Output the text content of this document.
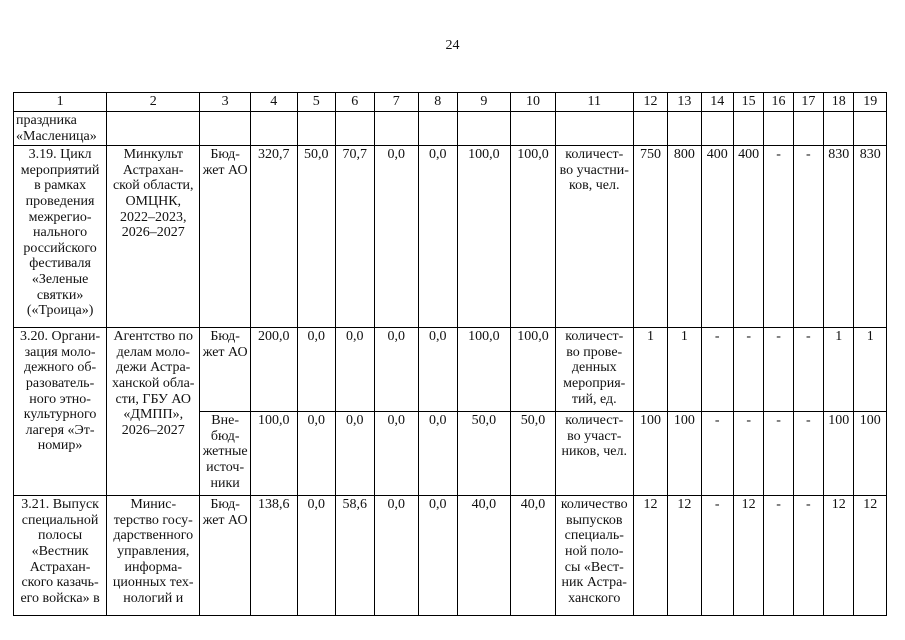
24
1	2	3	4	5	6	7	8	9	10	11	12	13	14	15	16	17	18	19
праздника «Масленица»																		
3.19. Цикл мероприятий в рамках проведения межрегио- нального российского фестиваля «Зеленые святки» («Троица»)	Минкульт Астрахан- ской области, ОМЦНК, 2022–2023, 2026–2027	Бюд- жет АО	320,7	50,0	70,7	0,0	0,0	100,0	100,0	количест- во участни- ков, чел.	750	800	400	400	-	-	830	830
3.20. Органи- зация моло- дежного об- разователь- ного этно- культурного лагеря «Эт- номир»	Агентство по делам моло- дежи Астра- ханской обла- сти, ГБУ АО «ДМПП», 2026–2027	Бюд- жет АО	200,0	0,0	0,0	0,0	0,0	100,0	100,0	количест- во прове- денных мероприя- тий, ед.	1	1	-	-	-	-	1	1
		Вне- бюд- жетные источ- ники	100,0	0,0	0,0	0,0	0,0	50,0	50,0	количест- во участ- ников, чел.	100	100	-	-	-	-	100	100
3.21. Выпуск специальной полосы «Вестник Астрахан- ского казачь- его войска» в	Минис- терство госу- дарственного управления, информа- ционных тех- нологий и	Бюд- жет АО	138,6	0,0	58,6	0,0	0,0	40,0	40,0	количество выпусков специаль- ной поло- сы «Вест- ник Астра- ханского	12	12	-	12	-	-	12	12
